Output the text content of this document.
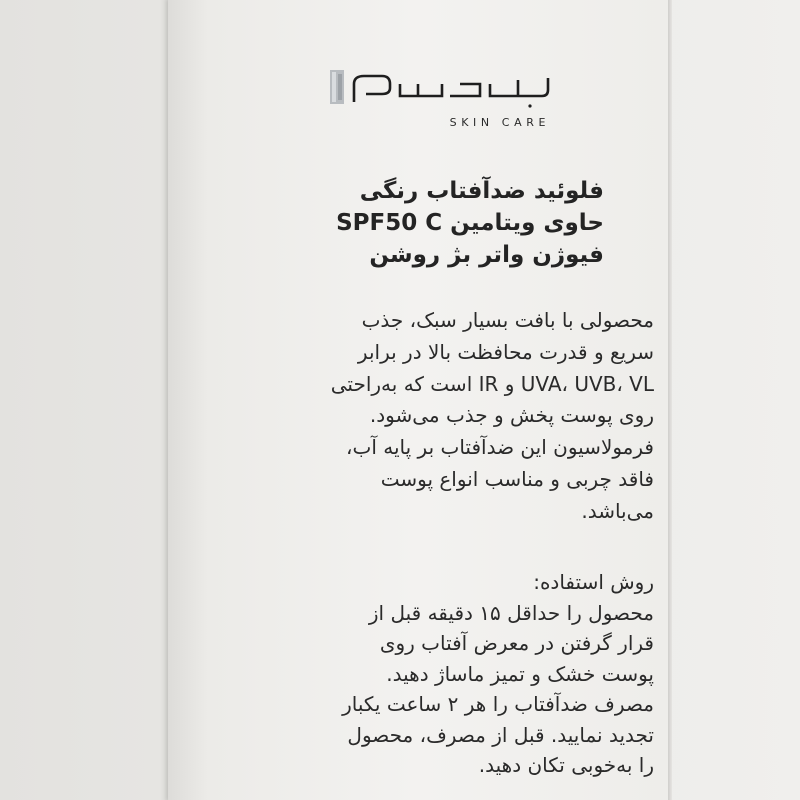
SKIN CARE
فلوئید ضدآفتاب رنگی
حاوی ویتامین SPF50 C
فیوژن واتر بژ روشن
محصولی با بافت بسیار سبک، جذب
سریع و قدرت محافظت بالا در برابر
UVA، UVB، VL و IR است که به‌راحتی
روی پوست پخش و جذب می‌شود.
فرمولاسیون این ضدآفتاب بر پایه آب،
فاقد چربی و مناسب انواع پوست
می‌باشد.
روش استفاده:
محصول را حداقل ۱۵ دقیقه قبل از
قرار گرفتن در معرض آفتاب روی
پوست خشک و تمیز ماساژ دهید.
مصرف ضدآفتاب را هر ۲ ساعت یکبار
تجدید نمایید. قبل از مصرف، محصول
را به‌خوبی تکان دهید.
